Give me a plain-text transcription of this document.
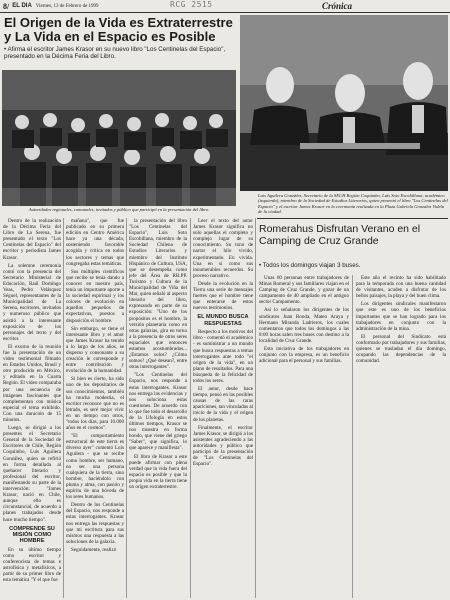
8/ EL DIA Viernes, 13 de Febrero de 1999	RCG 2515	Crónica
El Origen de la Vida es Extraterrestre y La Vida en el Espacio es Posible
• Afirma el escritor James Krasor en su nuevo libro "Los Centinelas del Espacio", presentado en la Décima Feria del Libro.
Autoridades regionales, comunales, invitados y público que participó en la presentación del libro.
Luis Aguilera González, Secretario de la SECH Región Coquimbo, Luis Soto Escobillana, académico (izquierda), miembro de la Sociedad de Estudios Literarios, quien presentó el libro "Los Centinelas del Espacio" y el escritor James Krasor en la ceremonia realizada en la Plaza Gabriela Gonzalez Videla de la ciudad.

Dentro de la realización de la Décima Feria del Libro de La Serena, fue presentado el texto "Los Centinelas del Espacio" del escritor y periodista James Krasor.

La solemne ceremonia contó con la presencia del Secretario Ministerial de Educación, Raúl Domingo Veas, Pedro Velásquez Séguel, representantes de la Municipalidad de La Serena, escritores, invitados y numeroso público que asistió a la interesante exposición de los personajes del texto y del escritor.

El exorno de la reunión fue la presentación de un video testimonial filmado en Estados Unidos, Brasil y otro producido en México, y editado en la Cuarta Región. El video comparaba por una secuencia de imágenes fascinantes que complementan con música especial el tema exhibido. Con una duración de 15 minutos.

Luego, se dirigió a los presentes el Secretario General de la Sociedad de Escritores de Chile, Región Coquimbo, Luis Aguilera González, quien se refirió en forma detallada al quehacer literario y profesional del escritor, manifestando su parte de la intervención: "James Krasor, nació en Chile, aunque ello es circunstancial, de acuerdo a planes trabajados desde hace mucho tiempo".

COMPRENDE SU MISIÓN COMO HOMBRE

En su último tiempo como escritor y conferencista de temas e astrofísica y metafísicos, a partir de su primer libro de esta temática "Y el que fue

mañana", que fue publicado en su primera edición en Centro América hace ya una década, sosteniendo favorable acogida y crítica en todos los sectores y temas que congregaba estas temáticas.

Sus múltiples científicos que recibe se tenía dando a conocer en nuestro país, tenía un importante aporte a la sociedad espiritual y los colores de evolución en aquellos pequeños de expectativas, puestos a disposición el hombre.

Sin embargo, se tiene el interesante libro y el amor que James Krasor ha tenido a lo largo de los años, se disperso y consonante a su creación le corresponde y entre contribución y evolución de la humanidad.

Si bien es cierto, ha sido uno de los depositarios de sus conocimientos, también ha mucha modestia, el escritor reconoce que no es letrado, es seré mejor vivir en un tiempo con otros, "todos los días, para 10.000 años en el cosmos".

"El comportamiento estructural de este tierra es diverso ayer" comentó Luis Aguilera - que se recibe como hombre, ser humano, no ser una persona cualquiera de la tierra, sino hombre, haciéndolo con pluma y alma, con pasión y espíritu de una bóveda de los seres humanos.

Dentro de los Centinelas del Espacio, nos responde a estas interrogantes. Krasor nos entrega las respuestas y que mi escritura para sus mismos una respuesta a las soluciones de la galaxia.

Seguidamente, realizó

la presentación del libro "Los Centinelas del Espacio", Luis Soto Escobillana, miembro de la Sociedad Chilena de Estudios Literarios y miembro del Instituto Hispánico de Cultura, USA, que se desempeña como jefe del Área de RR.PP. Turismo y Cultura de la Municipalidad de Viña del Mar, quien señaló al aspecto literario del libro, expresando en parte de su exposición: "Uno de los propósitos es el hombre, la versión planetaria como en otras galaxias, gira en torno a la presencia de otros seres espaciales que entonces estamos acostumbrados... ¿Estamos solos? ¿Cómo somos? ¿Qué desean?, entre otras interrogantes".

"Los Centinelas del Espacio, nos responde a estas interrogantes. Krasor nos entrega las evidencias y nos soluciona estas cuestiones. De acuerdo con lo que fue todo el desarrollo de la Ufología en estos últimos tiempos, Krasor se nos muestra en forma hondo, que viene del griego "Saber", que significa, lo que aparece y manifiesta".

El libro de Krasor a este puede afirmar con plena verdad que la vida fuera del espacio es posible y que la propia vida en la tierra tiene un origen extraterrestre.

Leer el texto del autor James Krasor significa no solo aquellas el completo y complejo lugar de su conocimiento. Su tono de narrar el hilo vivido, experimentado. En vivida. Una en si como sus innumerables recuerdos. Su proceso narrativo.

Desde la evolución en la Tierra una serie de mensajes fuertes que el hombre tiene que enterarse de estos nuevos testimonios.

EL MUNDO BUSCA RESPUESTAS

Respecto a los motivos del libro - comentó el académico - es suministrar a un mundo que busca respuestas a temas interrogantes ante todo "el origen de la vida", en un plano de resultados. Para una búsqueda de la felicidad de todos los seres.

El autor, desde hace tiempo, pensó en las posibles causas de las raras apariciones, tan vinculadas al inicio de la vida y el origen de los planetas.

Finalmente, el escritor James Krasor, se dirigió a los asistentes agradeciendo a las autoridades y público que participó de la presentación de "Los Centinelas del Espacio".

Romerahus Disfrutan Verano en el Camping de Cruz Grande
• Todos los domingos viajan 3 buses.

Unas 60 personas entre trabajadores de Minas Romeral y sus familiares viajan en el Camping de Cruz Grande, y gozar de un campamento de 40 ampliado en el antiguo sector Campamento.

Así lo señalaron los dirigentes de los sindicatos Juan Ronda, Mateo Araya y Hermann Miranda Ladrieros, los cuales comentaron que todos los domingos a las 8:00 horas salen tres buses con destino a la localidad de Cruz Grande.

Esta iniciativa de los trabajadores en conjunto con la empresa, es un beneficio adicional para el personal y sus familias.

Este año el recinto ha sido habilitado para la temporada con una buena cantidad de visitantes, acuden a disfrutar de los bellos paisajes, la playa y del buen clima.

Los dirigentes sindicales manifestaron que este es uno de los beneficios importantes que se han logrado para los trabajadores en conjunto con la administración de la mina.

El personal del Sindicato está conformado por trabajadores y sus familias, quienes se trasladan el día domingo, ocupando las dependencias de la comunidad.
